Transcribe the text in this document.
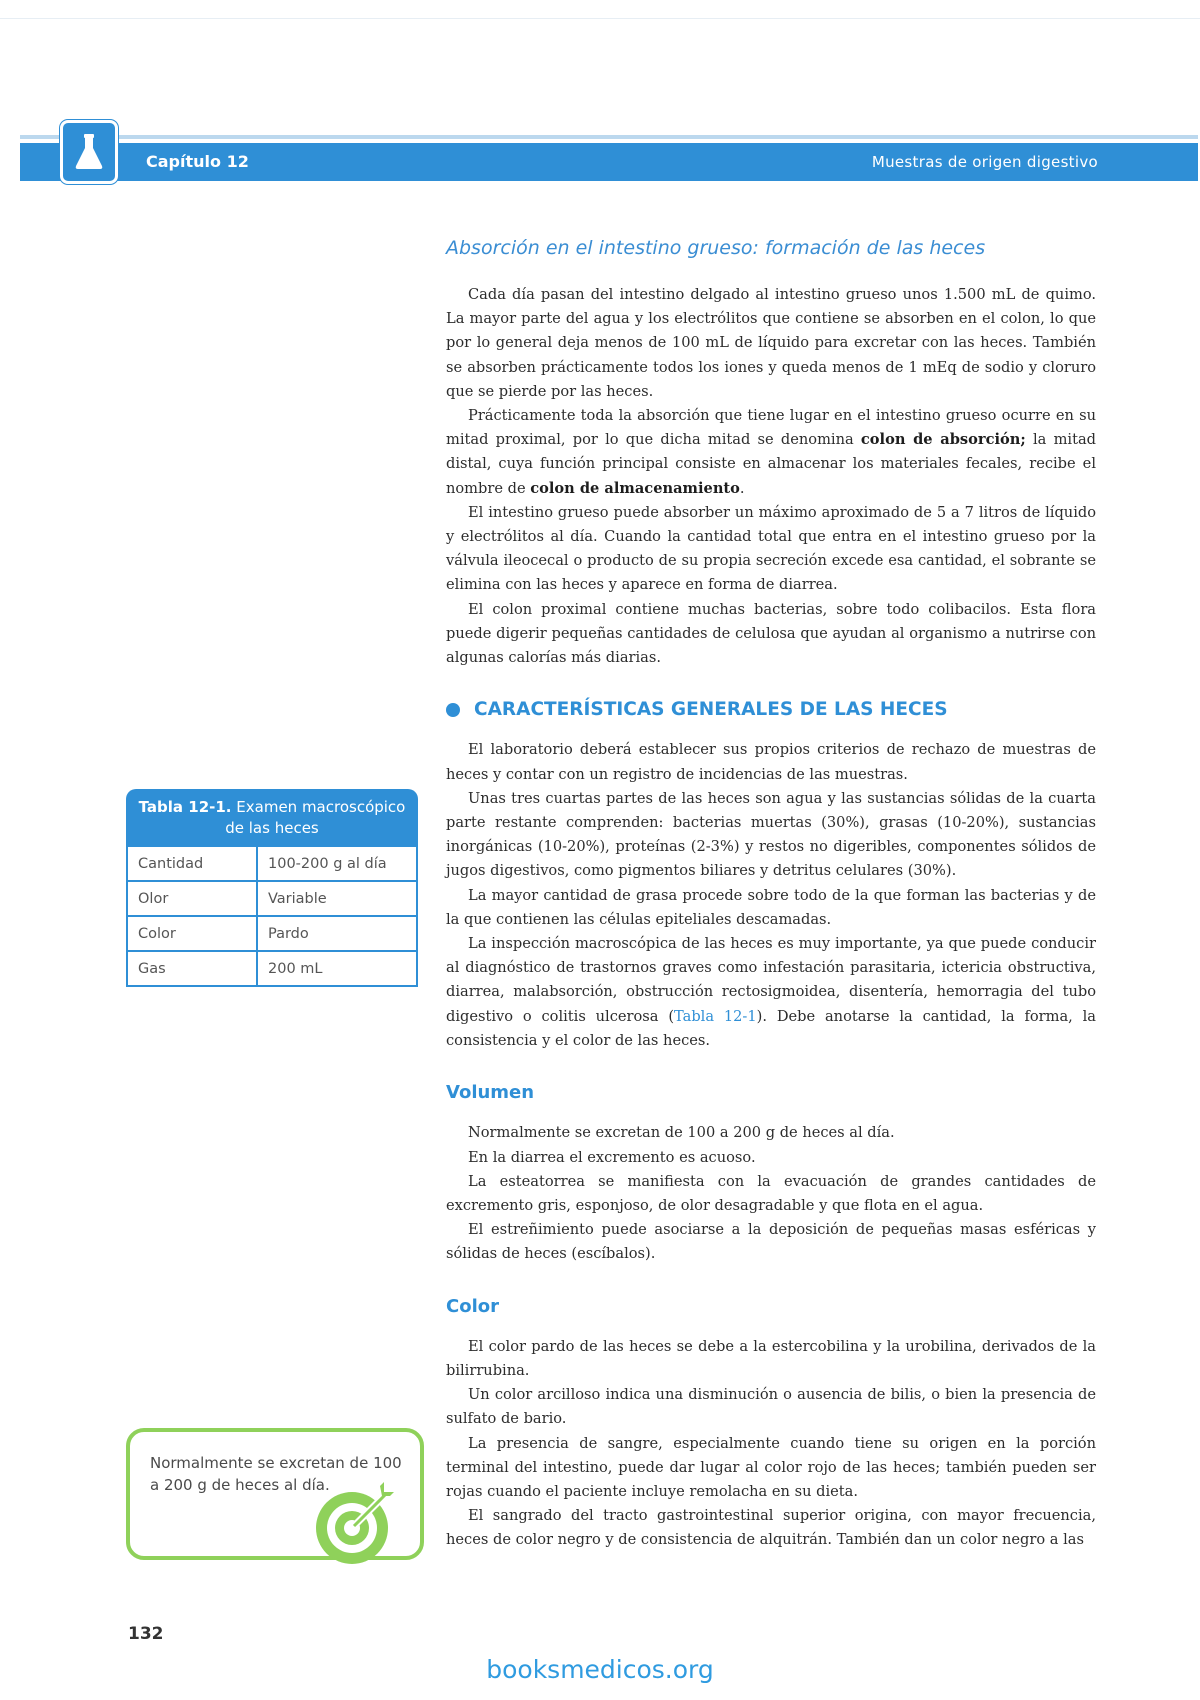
Capítulo 12	Muestras de origen digestivo
Absorción en el intestino grueso: formación de las heces

Cada día pasan del intestino delgado al intestino grueso unos 1.500 mL de quimo. La mayor parte del agua y los electrólitos que contiene se absorben en el colon, lo que por lo general deja menos de 100 mL de líquido para excretar con las heces. También se absorben prácticamente todos los iones y queda menos de 1 mEq de sodio y cloruro que se pierde por las heces.

Prácticamente toda la absorción que tiene lugar en el intestino grueso ocurre en su mitad proximal, por lo que dicha mitad se denomina colon de absorción; la mitad distal, cuya función principal consiste en almacenar los materiales fecales, recibe el nombre de colon de almacenamiento.

El intestino grueso puede absorber un máximo aproximado de 5 a 7 litros de líquido y electrólitos al día. Cuando la cantidad total que entra en el intestino grueso por la válvula ileocecal o producto de su propia secreción excede esa cantidad, el sobrante se elimina con las heces y aparece en forma de diarrea.

El colon proximal contiene muchas bacterias, sobre todo colibacilos. Esta flora puede digerir pequeñas cantidades de celulosa que ayudan al organismo a nutrirse con algunas calorías más diarias.

CARACTERÍSTICAS GENERALES DE LAS HECES

El laboratorio deberá establecer sus propios criterios de rechazo de muestras de heces y contar con un registro de incidencias de las muestras.

Unas tres cuartas partes de las heces son agua y las sustancias sólidas de la cuarta parte restante comprenden: bacterias muertas (30%), grasas (10-20%), sustancias inorgánicas (10-20%), proteínas (2-3%) y restos no digeribles, componentes sólidos de jugos digestivos, como pigmentos biliares y detritus celulares (30%).

La mayor cantidad de grasa procede sobre todo de la que forman las bacterias y de la que contienen las células epiteliales descamadas.

La inspección macroscópica de las heces es muy importante, ya que puede conducir al diagnóstico de trastornos graves como infestación parasitaria, ictericia obstructiva, diarrea, malabsorción, obstrucción rectosigmoidea, disentería, hemorragia del tubo digestivo o colitis ulcerosa (Tabla 12-1). Debe anotarse la cantidad, la forma, la consistencia y el color de las heces.

Volumen

Normalmente se excretan de 100 a 200 g de heces al día.

En la diarrea el excremento es acuoso.

La esteatorrea se manifiesta con la evacuación de grandes cantidades de excremento gris, esponjoso, de olor desagradable y que flota en el agua.

El estreñimiento puede asociarse a la deposición de pequeñas masas esféricas y sólidas de heces (escíbalos).

Color

El color pardo de las heces se debe a la estercobilina y la urobilina, derivados de la bilirrubina.

Un color arcilloso indica una disminución o ausencia de bilis, o bien la presencia de sulfato de bario.

La presencia de sangre, especialmente cuando tiene su origen en la porción terminal del intestino, puede dar lugar al color rojo de las heces; también pueden ser rojas cuando el paciente incluye remolacha en su dieta.

El sangrado del tracto gastrointestinal superior origina, con mayor frecuencia, heces de color negro y de consistencia de alquitrán. También dan un color negro a las

Tabla 12-1. Examen macroscópico de las heces
Cantidad	100-200 g al día
Olor	Variable
Color	Pardo
Gas	200 mL
Normalmente se excretan de 100 a 200 g de heces al día.
132
booksmedicos.org
